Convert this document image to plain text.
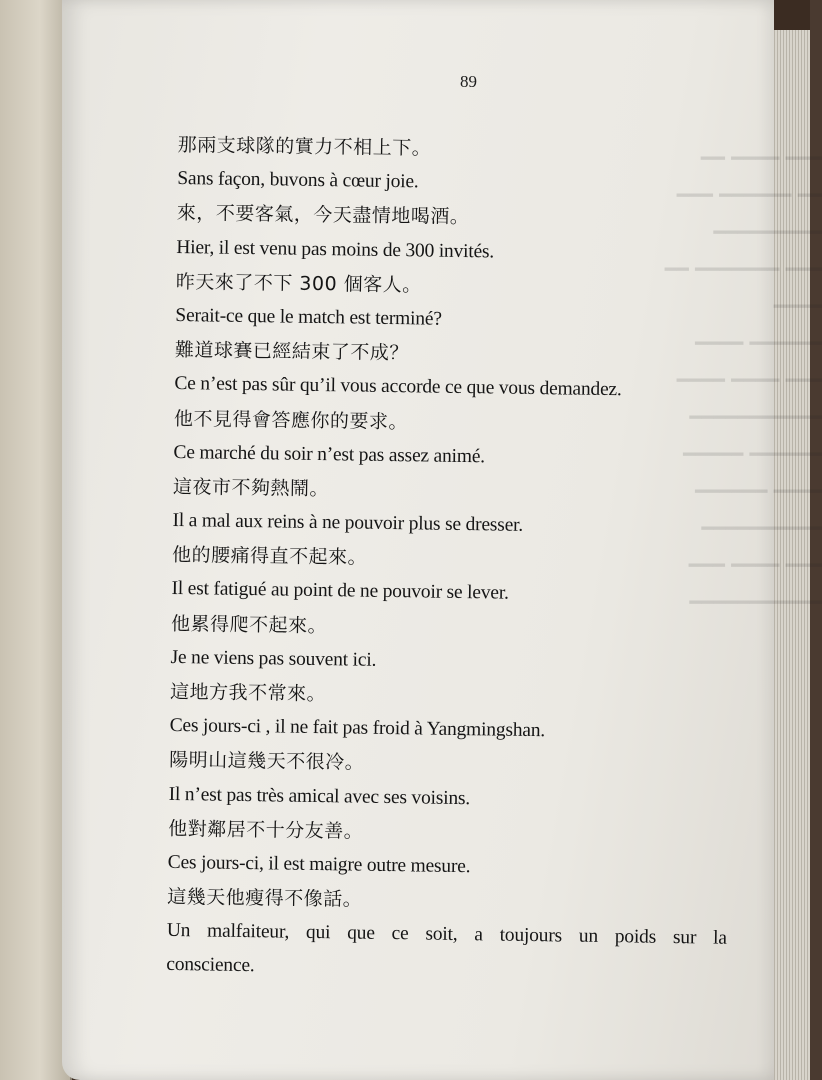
━━━ ━━━━ ━━
━━ ━━━━━━ ━━━
━━━━━━━━━
━━━ ━━━━━━━ ━━
━━━━
━━━━━━ ━━━━
━━━ ━━━━ ━━━━
━━━━━━━━━━━
━━━━━━ ━━━━━
━━━━ ━━━━━━
━━━━━━━━━━
━━━ ━━━━ ━━━
━━━━━━━━━━━

89

那兩支球隊的實力不相上下。
Sans façon, buvons à cœur joie.
來，不要客氣，今天盡情地喝酒。
Hier, il est venu pas moins de 300 invités.
昨天來了不下 300 個客人。
Serait-ce que le match est terminé?
難道球賽已經結束了不成？
Ce n’est pas sûr qu’il vous accorde ce que vous demandez.
他不見得會答應你的要求。
Ce marché du soir n’est pas assez animé.
這夜市不夠熱鬧。
Il a mal aux reins à ne pouvoir plus se dresser.
他的腰痛得直不起來。
Il est fatigué au point de ne pouvoir se lever.
他累得爬不起來。
Je ne viens pas souvent ici.
這地方我不常來。
Ces jours-ci , il ne fait pas froid à Yangmingshan.
陽明山這幾天不很冷。
Il n’est pas très amical avec ses voisins.
他對鄰居不十分友善。
Ces jours-ci, il est maigre outre mesure.
這幾天他瘦得不像話。
Un malfaiteur, qui que ce soit, a toujours un poids sur la conscience.
